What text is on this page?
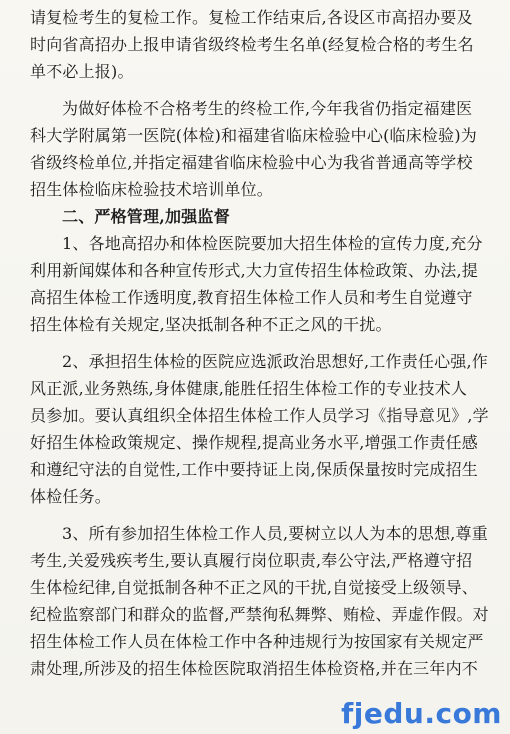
请复检考生的复检工作。复检工作结束后,各设区市高招办要及
时向省高招办上报申请省级终检考生名单(经复检合格的考生名
单不必上报)。
为做好体检不合格考生的终检工作,今年我省仍指定福建医
科大学附属第一医院(体检)和福建省临床检验中心(临床检验)为
省级终检单位,并指定福建省临床检验中心为我省普通高等学校
招生体检临床检验技术培训单位。
二、严格管理,加强监督
1、各地高招办和体检医院要加大招生体检的宣传力度,充分
利用新闻媒体和各种宣传形式,大力宣传招生体检政策、办法,提
高招生体检工作透明度,教育招生体检工作人员和考生自觉遵守
招生体检有关规定,坚决抵制各种不正之风的干扰。
2、承担招生体检的医院应选派政治思想好,工作责任心强,作
风正派,业务熟练,身体健康,能胜任招生体检工作的专业技术人
员参加。要认真组织全体招生体检工作人员学习《指导意见》,学
好招生体检政策规定、操作规程,提高业务水平,增强工作责任感
和遵纪守法的自觉性,工作中要持证上岗,保质保量按时完成招生
体检任务。
3、所有参加招生体检工作人员,要树立以人为本的思想,尊重
考生,关爱残疾考生,要认真履行岗位职责,奉公守法,严格遵守招
生体检纪律,自觉抵制各种不正之风的干扰,自觉接受上级领导、
纪检监察部门和群众的监督,严禁徇私舞弊、贿检、弄虚作假。对
招生体检工作人员在体检工作中各种违规行为按国家有关规定严
肃处理,所涉及的招生体检医院取消招生体检资格,并在三年内不
fjedu.com
